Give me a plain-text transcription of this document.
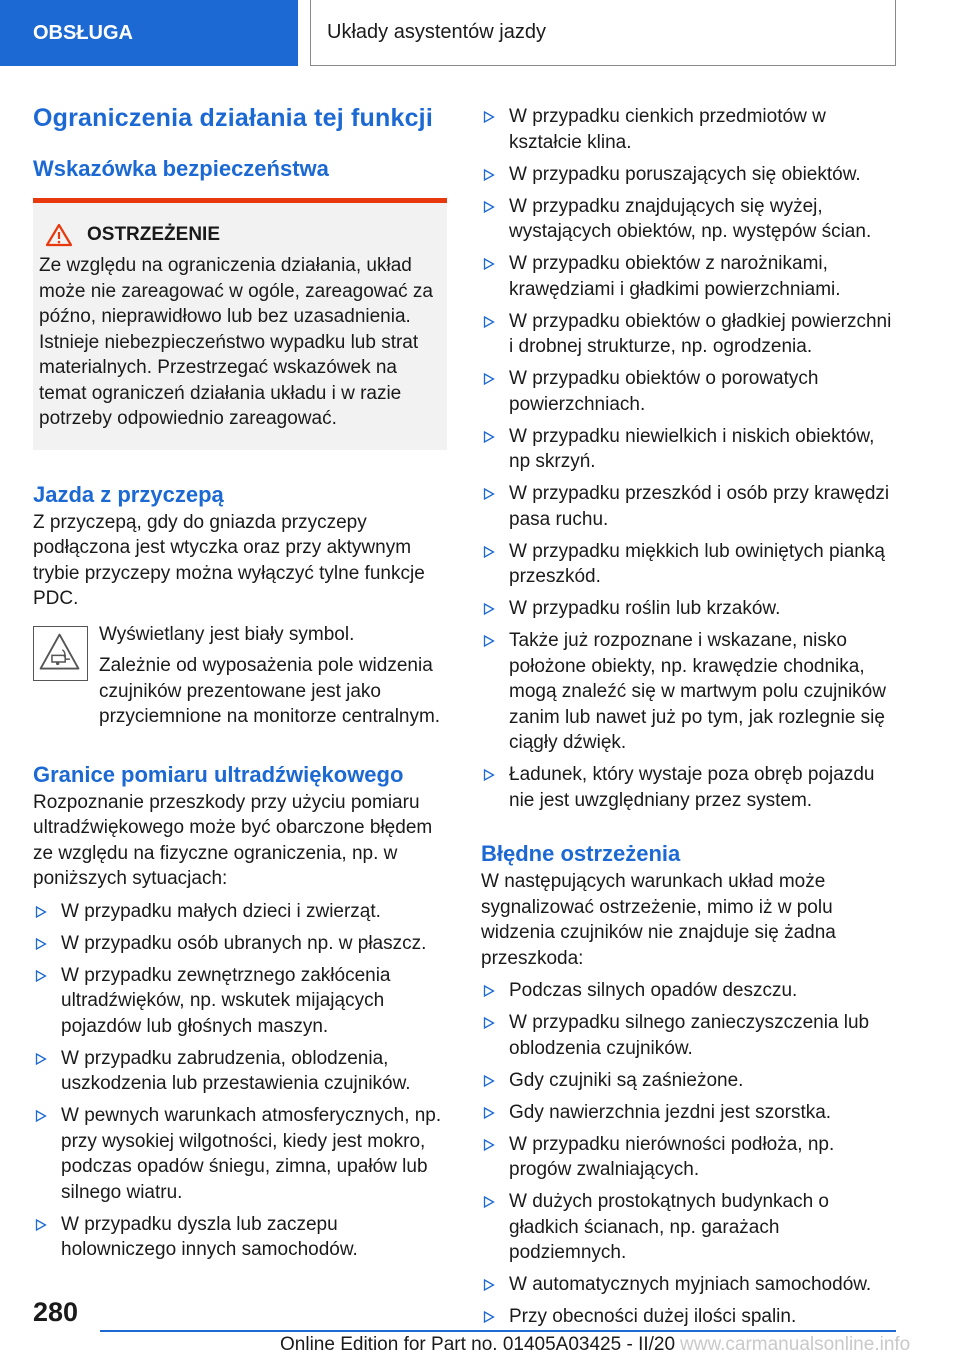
OBSŁUGA	Układy asystentów jazdy
Ograniczenia działania tej funkcji
Wskazówka bezpieczeństwa
OSTRZEŻENIE

Ze względu na ograniczenia działania, układ może nie zareagować w ogóle, zareagować za późno, nieprawidłowo lub bez uzasadnienia. Istnieje niebezpieczeństwo wypadku lub strat materialnych. Przestrzegać wskazówek na temat ograniczeń działania układu i w razie potrzeby odpowiednio zareagować.

Jazda z przyczepą

Z przyczepą, gdy do gniazda przyczepy podłączona jest wtyczka oraz przy aktywnym trybie przyczepy można wyłączyć tylne funkcje PDC.

Wyświetlany jest biały symbol.

Zależnie od wyposażenia pole widzenia czujników prezentowane jest jako przyciemnione na monitorze centralnym.

Granice pomiaru ultradźwiękowego

Rozpoznanie przeszkody przy użyciu pomiaru ultradźwiękowego może być obarczone błędem ze względu na fizyczne ograniczenia, np. w poniższych sytuacjach:

W przypadku małych dzieci i zwierząt.
W przypadku osób ubranych np. w płaszcz.
W przypadku zewnętrznego zakłócenia ultradźwięków, np. wskutek mijających pojazdów lub głośnych maszyn.
W przypadku zabrudzenia, oblodzenia, uszkodzenia lub przestawienia czujników.
W pewnych warunkach atmosferycznych, np. przy wysokiej wilgotności, kiedy jest mokro, podczas opadów śniegu, zimna, upałów lub silnego wiatru.
W przypadku dyszla lub zaczepu holowniczego innych samochodów.
W przypadku cienkich przedmiotów w kształcie klina.
W przypadku poruszających się obiektów.
W przypadku znajdujących się wyżej, wystających obiektów, np. występów ścian.
W przypadku obiektów z narożnikami, krawędziami i gładkimi powierzchniami.
W przypadku obiektów o gładkiej powierzchni i drobnej strukturze, np. ogrodzenia.
W przypadku obiektów o porowatych powierzchniach.
W przypadku niewielkich i niskich obiektów, np skrzyń.
W przypadku przeszkód i osób przy krawędzi pasa ruchu.
W przypadku miękkich lub owiniętych pianką przeszkód.
W przypadku roślin lub krzaków.
Także już rozpoznane i wskazane, nisko położone obiekty, np. krawędzie chodnika, mogą znaleźć się w martwym polu czujników zanim lub nawet już po tym, jak rozlegnie się ciągły dźwięk.
Ładunek, który wystaje poza obręb pojazdu nie jest uwzględniany przez system.
Błędne ostrzeżenia

W następujących warunkach układ może sygnalizować ostrzeżenie, mimo iż w polu widzenia czujników nie znajduje się żadna przeszkoda:

Podczas silnych opadów deszczu.
W przypadku silnego zanieczyszczenia lub oblodzenia czujników.
Gdy czujniki są zaśnieżone.
Gdy nawierzchnia jezdni jest szorstka.
W przypadku nierówności podłoża, np. progów zwalniających.
W dużych prostokątnych budynkach o gładkich ścianach, np. garażach podziemnych.
W automatycznych myjniach samochodów.
Przy obecności dużej ilości spalin.
280
Online Edition for Part no. 01405A03425 - II/20 www.carmanualsonline.info
